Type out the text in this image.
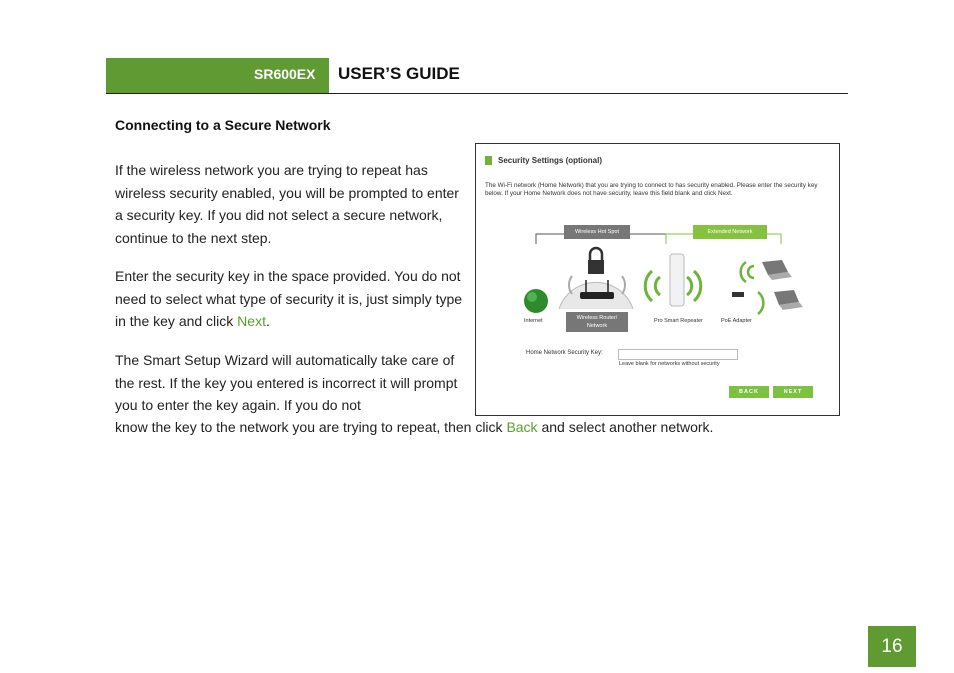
SR600EX USER’S GUIDE
Connecting to a Secure Network
If the wireless network you are trying to repeat has wireless security enabled, you will be prompted to enter a security key. If you did not select a secure network, continue to the next step.
Enter the security key in the space provided. You do not need to select what type of security it is, just simply type in the key and click Next.
The Smart Setup Wizard will automatically take care of the rest. If the key you entered is incorrect it will prompt you to enter the key again. If you do not
know the key to the network you are trying to repeat, then click Back and select another network.
Security Settings (optional)
The Wi-Fi network (Home Network) that you are trying to connect to has security enabled. Please enter the security key below. If your Home Network does not have security, leave this field blank and click Next.
Wireless Hot Spot	Extended Network
Wireless Router/ Network
Internet	Pro Smart Repeater	PoE Adapter
Home Network Security Key:
Leave blank for networks without security
BACK	NEXT
16
